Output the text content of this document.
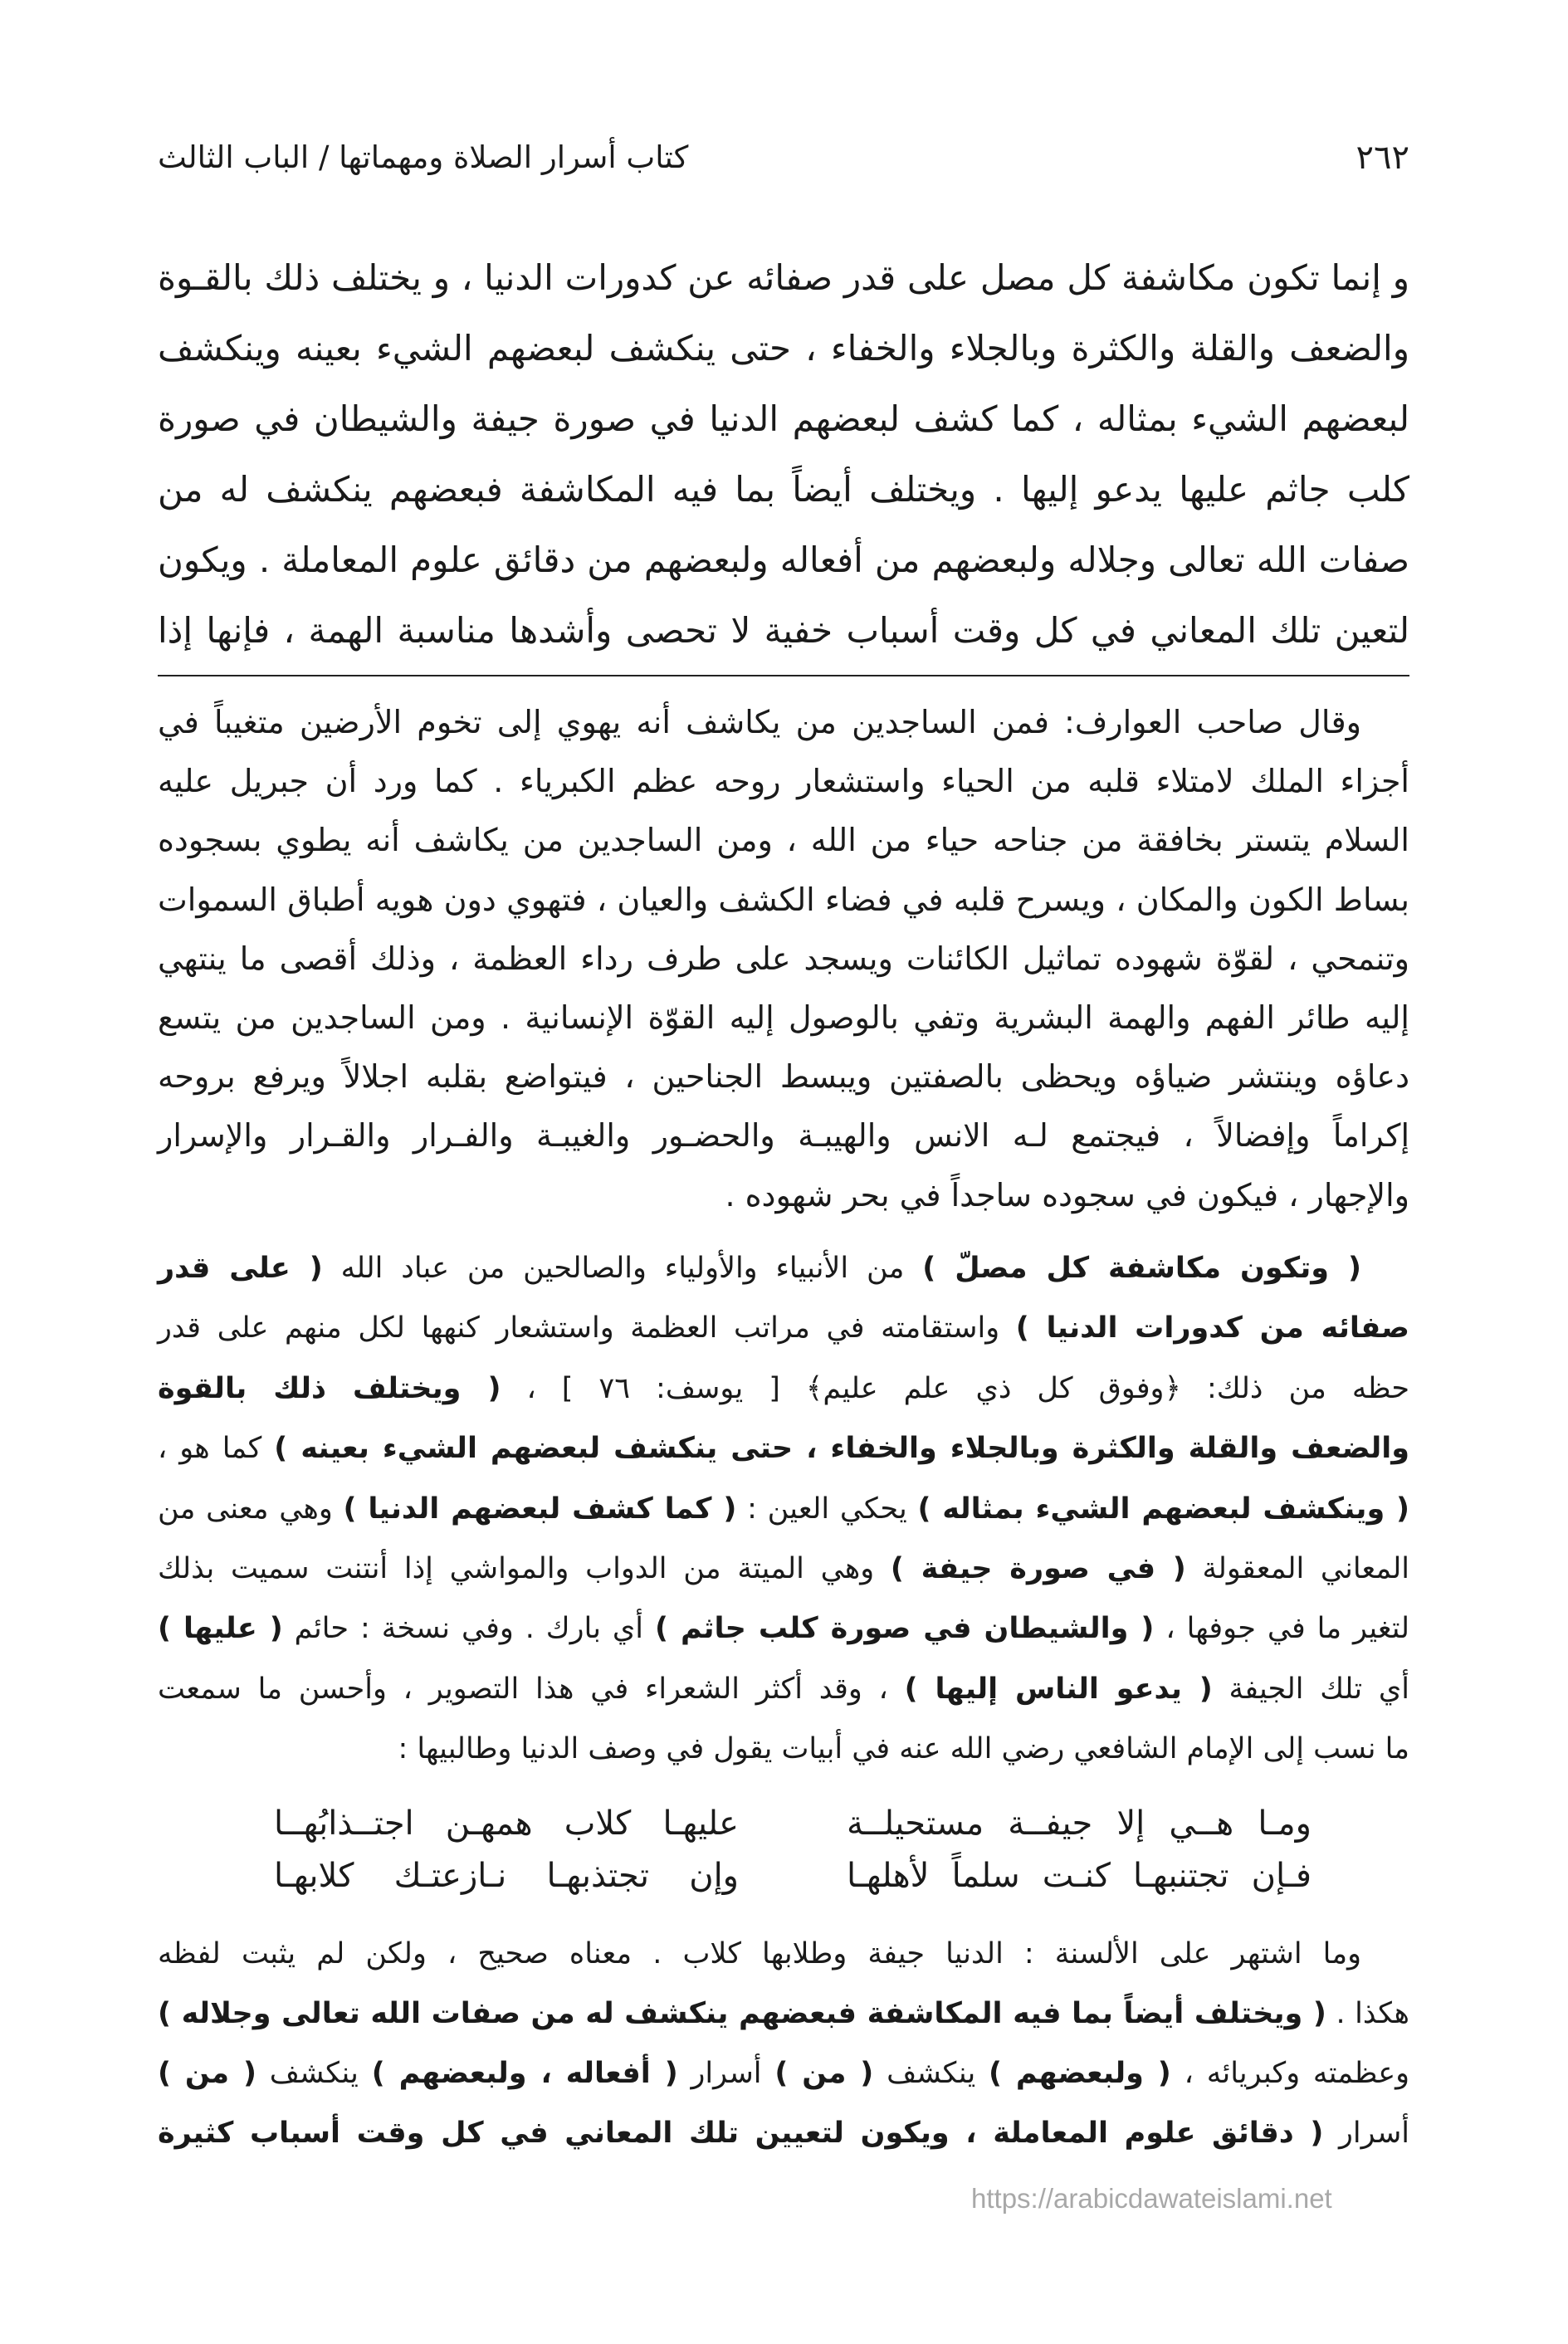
٢٦٢
كتاب أسرار الصلاة ومهماتها / الباب الثالث
و إنما تكون مكاشفة كل مصل على قدر صفائه عن كدورات الدنيا ، و يختلف ذلك بالقـوة
والضعف والقلة والكثرة وبالجلاء والخفاء ، حتى ينكشف لبعضهم الشيء بعينه وينكشف
لبعضهم الشيء بمثاله ، كما كشف لبعضهم الدنيا في صورة جيفة والشيطان في صورة
كلب جاثم عليها يدعو إليها . ويختلف أيضاً بما فيه المكاشفة فبعضهم ينكشف له من
صفات الله تعالى وجلاله ولبعضهم من أفعاله ولبعضهم من دقائق علوم المعاملة . ويكون
لتعين تلك المعاني في كل وقت أسباب خفية لا تحصى وأشدها مناسبة الهمة ، فإنها إذا
وقال صاحب العوارف: فمن الساجدين من يكاشف أنه يهوي إلى تخوم الأرضين متغيباً في
أجزاء الملك لامتلاء قلبه من الحياء واستشعار روحه عظم الكبرياء . كما ورد أن جبريل عليه
السلام يتستر بخافقة من جناحه حياء من الله ، ومن الساجدين من يكاشف أنه يطوي بسجوده
بساط الكون والمكان ، ويسرح قلبه في فضاء الكشف والعيان ، فتهوي دون هويه أطباق السموات
وتنمحي ، لقوّة شهوده تماثيل الكائنات ويسجد على طرف رداء العظمة ، وذلك أقصى ما ينتهي
إليه طائر الفهم والهمة البشرية وتفي بالوصول إليه القوّة الإنسانية . ومن الساجدين من يتسع
دعاؤه وينتشر ضياؤه ويحظى بالصفتين ويبسط الجناحين ، فيتواضع بقلبه اجلالاً ويرفع بروحه
إكراماً وإفضالاً ، فيجتمع لـه الانس والهيبـة والحضـور والغيبـة والفـرار والقـرار والإسرار
والإجهار ، فيكون في سجوده ساجداً في بحر شهوده .
( وتكون مكاشفة كل مصلّ ) من الأنبياء والأولياء والصالحين من عباد الله ( على قدر
صفائه من كدورات الدنيا ) واستقامته في مراتب العظمة واستشعار كنهها لكل منهم على قدر
حظه من ذلك: ﴿وفوق كل ذي علم عليم﴾ [ يوسف: ٧٦ ] ، ( ويختلف ذلك بالقوة
والضعف والقلة والكثرة وبالجلاء والخفاء ، حتى ينكشف لبعضهم الشيء بعينه ) كما هو ،
( وينكشف لبعضهم الشيء بمثاله ) يحكي العين : ( كما كشف لبعضهم الدنيا ) وهي معنى من
المعاني المعقولة ( في صورة جيفة ) وهي الميتة من الدواب والمواشي إذا أنتنت سميت بذلك
لتغير ما في جوفها ، ( والشيطان في صورة كلب جاثم ) أي بارك . وفي نسخة : حائم ( عليها )
أي تلك الجيفة ( يدعو الناس إليها ) ، وقد أكثر الشعراء في هذا التصوير ، وأحسن ما سمعت
ما نسب إلى الإمام الشافعي رضي الله عنه في أبيات يقول في وصف الدنيا وطالبيها :
ومـا هــي إلا جيفــة مستحيلــة
عليهـا كلاب همهـن اجتــذابُهــا
فـإن تجتنبهـا كنـت سلماً لأهلهـا
وإن تجتذبهـا نـازعتـك كلابهـا
وما اشتهر على الألسنة : الدنيا جيفة وطلابها كلاب . معناه صحيح ، ولكن لم يثبت لفظه
هكذا . ( ويختلف أيضاً بما فيه المكاشفة فبعضهم ينكشف له من صفات الله تعالى وجلاله )
وعظمته وكبريائه ، ( ولبعضهم ) ينكشف ( من ) أسرار ( أفعاله ، ولبعضهم ) ينكشف ( من )
أسرار ( دقائق علوم المعاملة ، ويكون لتعيين تلك المعاني في كل وقت أسباب كثيرة
https://arabicdawateislami.net
